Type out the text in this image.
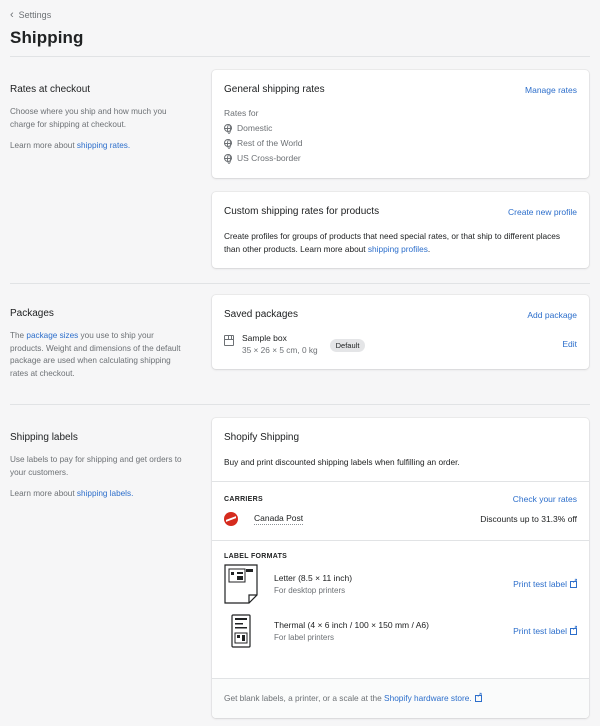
‹ Settings
Shipping
Rates at checkout

Choose where you ship and how much you charge for shipping at checkout.

Learn more about shipping rates.

General shipping rates	Manage rates
Rates for
Domestic
Rest of the World
US Cross-border
Custom shipping rates for products	Create new profile
Create profiles for groups of products that need special rates, or that ship to different places than other products. Learn more about shipping profiles.
Packages

The package sizes you use to ship your products. Weight and dimensions of the default package are used when calculating shipping rates at checkout.

Saved packages	Add package
Sample box
35 × 26 × 5 cm, 0 kg	Default	Edit
Shipping labels

Use labels to pay for shipping and get orders to your customers.

Learn more about shipping labels.

Shopify Shipping
Buy and print discounted shipping labels when fulfilling an order.
CARRIERS	Check your rates
Canada Post	Discounts up to 31.3% off
LABEL FORMATS
Letter (8.5 × 11 inch)
For desktop printers
Print test label↗
Thermal (4 × 6 inch / 100 × 150 mm / A6)
For label printers
Print test label↗
Get blank labels, a printer, or a scale at the Shopify hardware store.↗
